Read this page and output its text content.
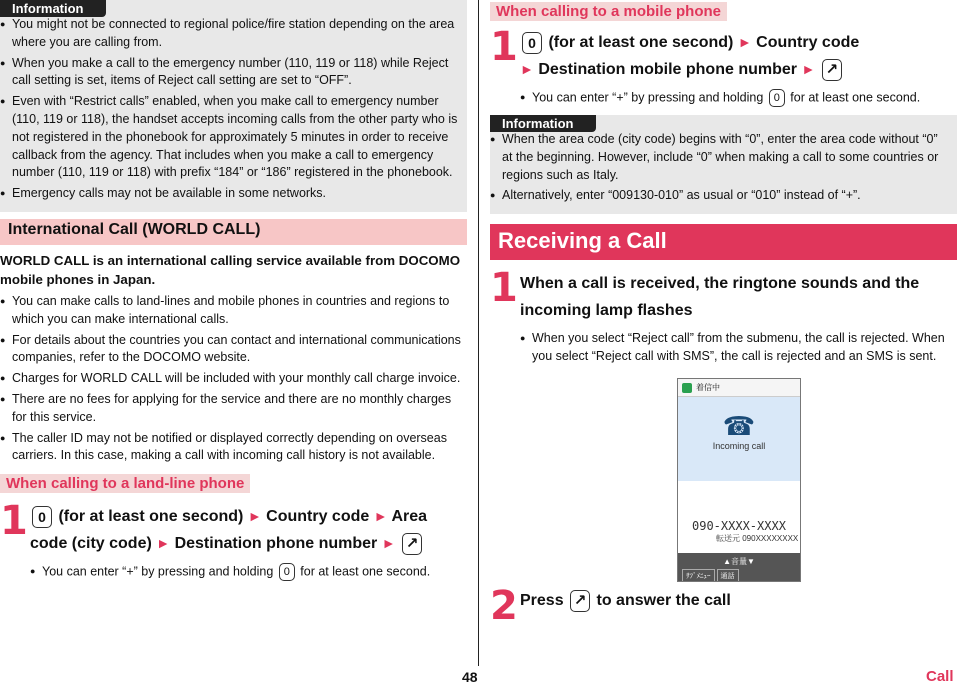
Information
● You might not be connected to regional police/fire station depending on the area where you are calling from.
● When you make a call to the emergency number (110, 119 or 118) while Reject call setting is set, items of Reject call setting are set to “OFF”.
● Even with “Restrict calls” enabled, when you make call to emergency number (110, 119 or 118), the handset accepts incoming calls from the other party who is not registered in the phonebook for approximately 5 minutes in order to receive callback from the agency. That includes when you make a call to emergency number (110, 119 or 118) with prefix “184” or “186” registered in the phonebook.
● Emergency calls may not be available in some networks.
International Call (WORLD CALL)
WORLD CALL is an international calling service available from DOCOMO mobile phones in Japan.
● You can make calls to land-lines and mobile phones in countries and regions to which you can make international calls.
● For details about the countries you can contact and international communications companies, refer to the DOCOMO website.
● Charges for WORLD CALL will be included with your monthly call charge invoice.
● There are no fees for applying for the service and there are no monthly charges for this service.
● The caller ID may not be notified or displayed correctly depending on overseas carriers. In this case, making a call with incoming call history is not available.
When calling to a land-line phone
1 0 (for at least one second) ► Country code ► Area code (city code) ► Destination phone number ► ↗
● You can enter “+” by pressing and holding 0 for at least one second.
When calling to a mobile phone
1 0 (for at least one second) ► Country code
► Destination mobile phone number ► ↗
● You can enter “+” by pressing and holding 0 for at least one second.
Information
● When the area code (city code) begins with “0”, enter the area code without “0” at the beginning. However, include “0” when making a call to some countries or regions such as Italy.
● Alternatively, enter “009130-010” as usual or “010” instead of “+”.
Receiving a Call
1 When a call is received, the ringtone sounds and the incoming lamp flashes
● When you select “Reject call” from the submenu, the call is rejected. When you select “Reject call with SMS”, the call is rejected and an SMS is sent.
着信中
☎
Incoming call
090-XXXX-XXXX
転送元 090XXXXXXXX
▲音量▼
ｻﾌﾞﾒﾆｭｰ	通話
2 Press ↗ to answer the call
48	Call
